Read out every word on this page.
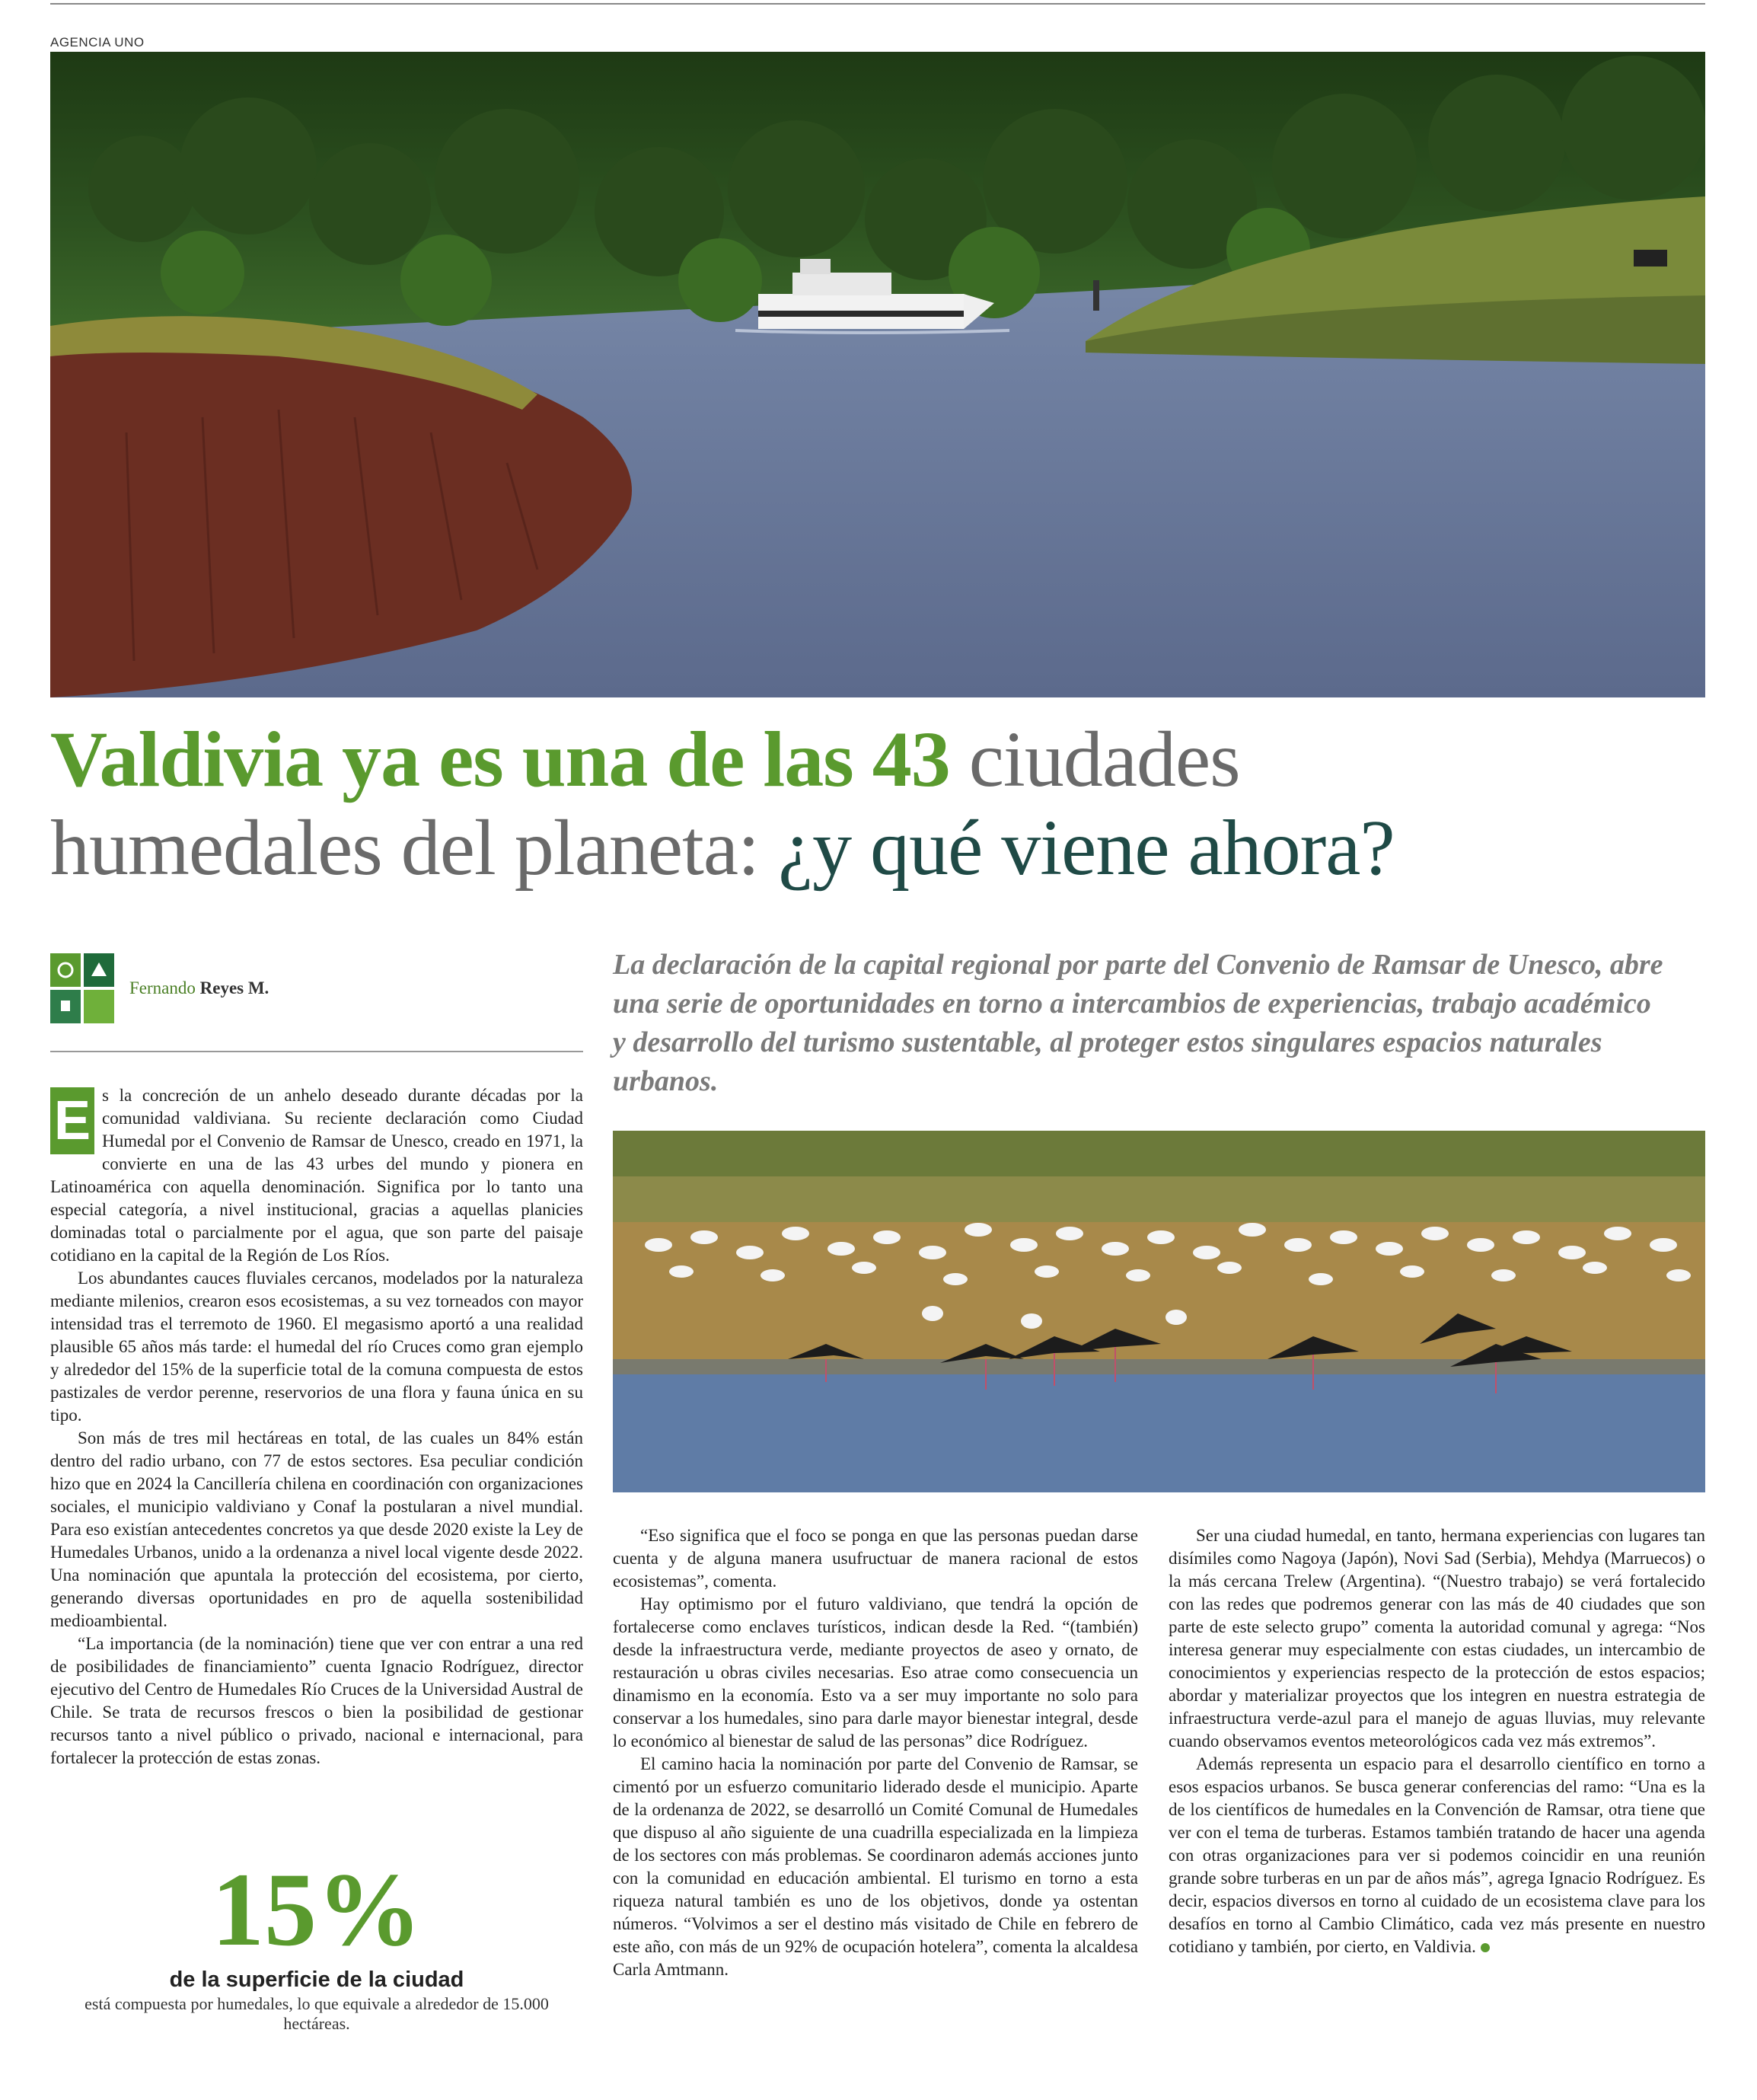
AGENCIA UNO
Valdivia ya es una de las 43 ciudades
humedales del planeta: ¿y qué viene ahora?
Fernando Reyes M.
La declaración de la capital regional por parte del Convenio de Ramsar de Unesco, abre una serie de oportunidades en torno a intercambios de experiencias, trabajo académico y desarrollo del turismo sustentable, al proteger estos singulares espacios naturales urbanos.

E s la concreción de un anhelo deseado durante décadas por la comunidad valdiviana. Su reciente declaración como Ciudad Humedal por el Convenio de Ramsar de Unesco, creado en 1971, la convierte en una de las 43 urbes del mundo y pionera en Latinoamérica con aquella denominación. Significa por lo tanto una especial categoría, a nivel institucional, gracias a aquellas planicies dominadas total o parcialmente por el agua, que son parte del paisaje cotidiano en la capital de la Región de Los Ríos.

Los abundantes cauces fluviales cercanos, modelados por la naturaleza mediante milenios, crearon esos ecosistemas, a su vez torneados con mayor intensidad tras el terremoto de 1960. El megasismo aportó a una realidad plausible 65 años más tarde: el humedal del río Cruces como gran ejemplo y alrededor del 15% de la superficie total de la comuna compuesta de estos pastizales de verdor perenne, reservorios de una flora y fauna única en su tipo.

Son más de tres mil hectáreas en total, de las cuales un 84% están dentro del radio urbano, con 77 de estos sectores. Esa peculiar condición hizo que en 2024 la Cancillería chilena en coordinación con organizaciones sociales, el municipio valdiviano y Conaf la postularan a nivel mundial. Para eso existían antecedentes concretos ya que desde 2020 existe la Ley de Humedales Urbanos, unido a la ordenanza a nivel local vigente desde 2022. Una nominación que apuntala la protección del ecosistema, por cierto, generando diversas oportunidades en pro de aquella sostenibilidad medioambiental.

“La importancia (de la nominación) tiene que ver con entrar a una red de posibilidades de financiamiento” cuenta Ignacio Rodríguez, director ejecutivo del Centro de Humedales Río Cruces de la Universidad Austral de Chile. Se trata de recursos frescos o bien la posibilidad de gestionar recursos tanto a nivel público o privado, nacional e internacional, para fortalecer la protección de estas zonas.

15%
de la superficie de la ciudad
está compuesta por humedales, lo que equivale a alrededor de 15.000 hectáreas.

“Eso significa que el foco se ponga en que las personas puedan darse cuenta y de alguna manera usufructuar de manera racional de estos ecosistemas”, comenta.

Hay optimismo por el futuro valdiviano, que tendrá la opción de fortalecerse como enclaves turísticos, indican desde la Red. “(también) desde la infraestructura verde, mediante proyectos de aseo y ornato, de restauración u obras civiles necesarias. Eso atrae como consecuencia un dinamismo en la economía. Esto va a ser muy importante no solo para conservar a los humedales, sino para darle mayor bienestar integral, desde lo económico al bienestar de salud de las personas” dice Rodríguez.

El camino hacia la nominación por parte del Convenio de Ramsar, se cimentó por un esfuerzo comunitario liderado desde el municipio. Aparte de la ordenanza de 2022, se desarrolló un Comité Comunal de Humedales que dispuso al año siguiente de una cuadrilla especializada en la limpieza de los sectores con más problemas. Se coordinaron además acciones junto con la comunidad en educación ambiental. El turismo en torno a esta riqueza natural también es uno de los objetivos, donde ya ostentan números. “Volvimos a ser el destino más visitado de Chile en febrero de este año, con más de un 92% de ocupación hotelera”, comenta la alcaldesa Carla Amtmann.

Ser una ciudad humedal, en tanto, hermana experiencias con lugares tan disímiles como Nagoya (Japón), Novi Sad (Serbia), Mehdya (Marruecos) o la más cercana Trelew (Argentina). “(Nuestro trabajo) se verá fortalecido con las redes que podremos generar con las más de 40 ciudades que son parte de este selecto grupo” comenta la autoridad comunal y agrega: “Nos interesa generar muy especialmente con estas ciudades, un intercambio de conocimientos y experiencias respecto de la protección de estos espacios; abordar y materializar proyectos que los integren en nuestra estrategia de infraestructura verde-azul para el manejo de aguas lluvias, muy relevante cuando observamos eventos meteorológicos cada vez más extremos”.

Además representa un espacio para el desarrollo científico en torno a esos espacios urbanos. Se busca generar conferencias del ramo: “Una es la de los científicos de humedales en la Convención de Ramsar, otra tiene que ver con el tema de turberas. Estamos también tratando de hacer una agenda con otras organizaciones para ver si podemos coincidir en una reunión grande sobre turberas en un par de años más”, agrega Ignacio Rodríguez. Es decir, espacios diversos en torno al cuidado de un ecosistema clave para los desafíos en torno al Cambio Climático, cada vez más presente en nuestro cotidiano y también, por cierto, en Valdivia.
